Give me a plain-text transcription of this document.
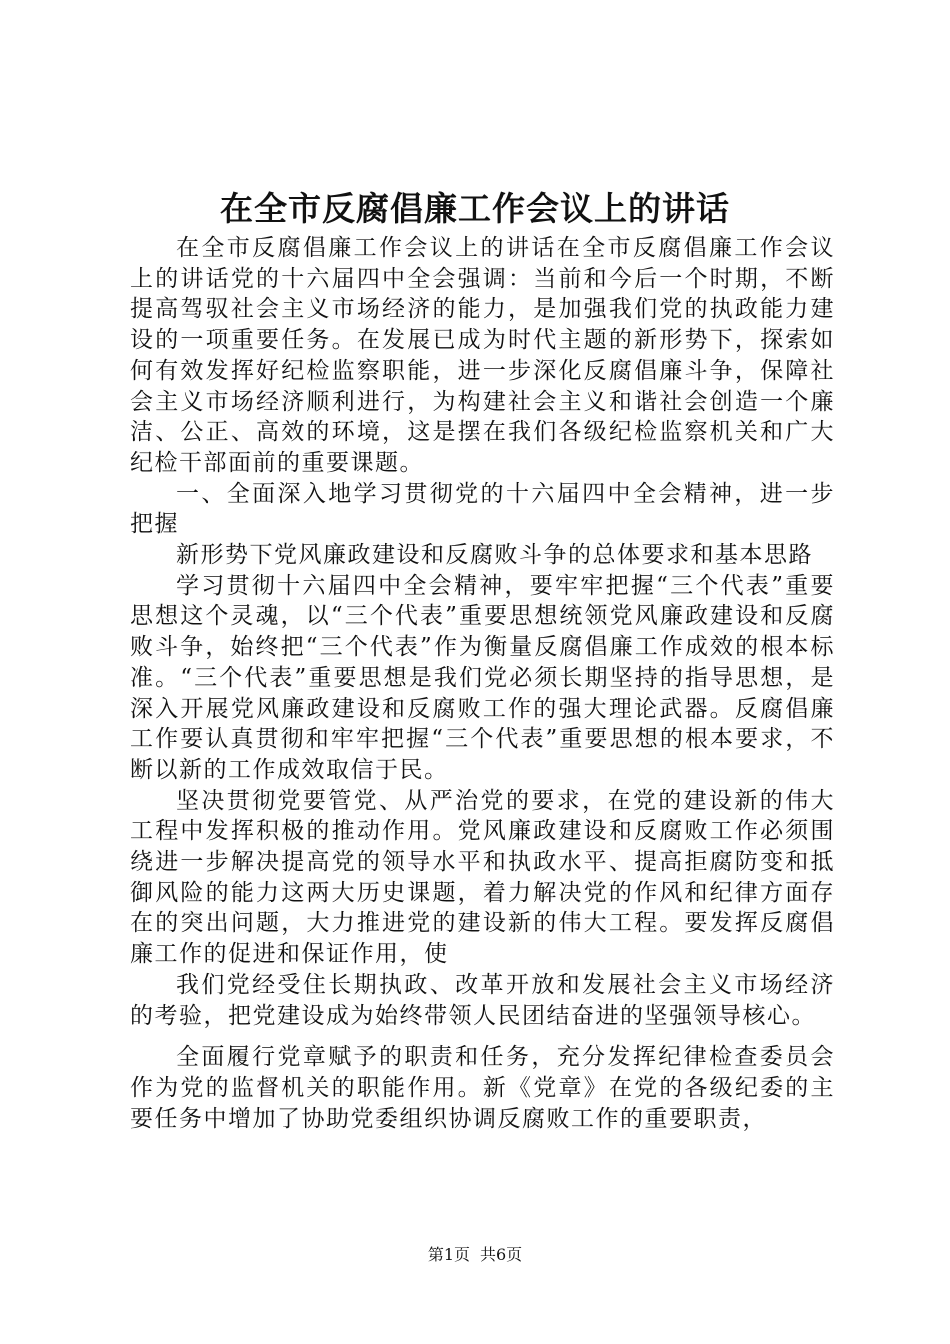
在全市反腐倡廉工作会议上的讲话

在全市反腐倡廉工作会议上的讲话在全市反腐倡廉工作会议上的讲话党的十六届四中全会强调：当前和今后一个时期，不断提高驾驭社会主义市场经济的能力，是加强我们党的执政能力建设的一项重要任务。在发展已成为时代主题的新形势下，探索如何有效发挥好纪检监察职能，进一步深化反腐倡廉斗争，保障社会主义市场经济顺利进行，为构建社会主义和谐社会创造一个廉洁、公正、高效的环境，这是摆在我们各级纪检监察机关和广大纪检干部面前的重要课题。

一、全面深入地学习贯彻党的十六届四中全会精神，进一步把握

新形势下党风廉政建设和反腐败斗争的总体要求和基本思路

学习贯彻十六届四中全会精神，要牢牢把握“三个代表”重要思想这个灵魂，以“三个代表”重要思想统领党风廉政建设和反腐败斗争，始终把“三个代表”作为衡量反腐倡廉工作成效的根本标准。“三个代表”重要思想是我们党必须长期坚持的指导思想，是深入开展党风廉政建设和反腐败工作的强大理论武器。反腐倡廉工作要认真贯彻和牢牢把握“三个代表”重要思想的根本要求，不断以新的工作成效取信于民。

坚决贯彻党要管党、从严治党的要求，在党的建设新的伟大工程中发挥积极的推动作用。党风廉政建设和反腐败工作必须围绕进一步解决提高党的领导水平和执政水平、提高拒腐防变和抵御风险的能力这两大历史课题，着力解决党的作风和纪律方面存在的突出问题，大力推进党的建设新的伟大工程。要发挥反腐倡廉工作的促进和保证作用，使

我们党经受住长期执政、改革开放和发展社会主义市场经济的考验，把党建设成为始终带领人民团结奋进的坚强领导核心。

全面履行党章赋予的职责和任务，充分发挥纪律检查委员会作为党的监督机关的职能作用。新《党章》在党的各级纪委的主要任务中增加了协助党委组织协调反腐败工作的重要职责，

第1页 共6页
